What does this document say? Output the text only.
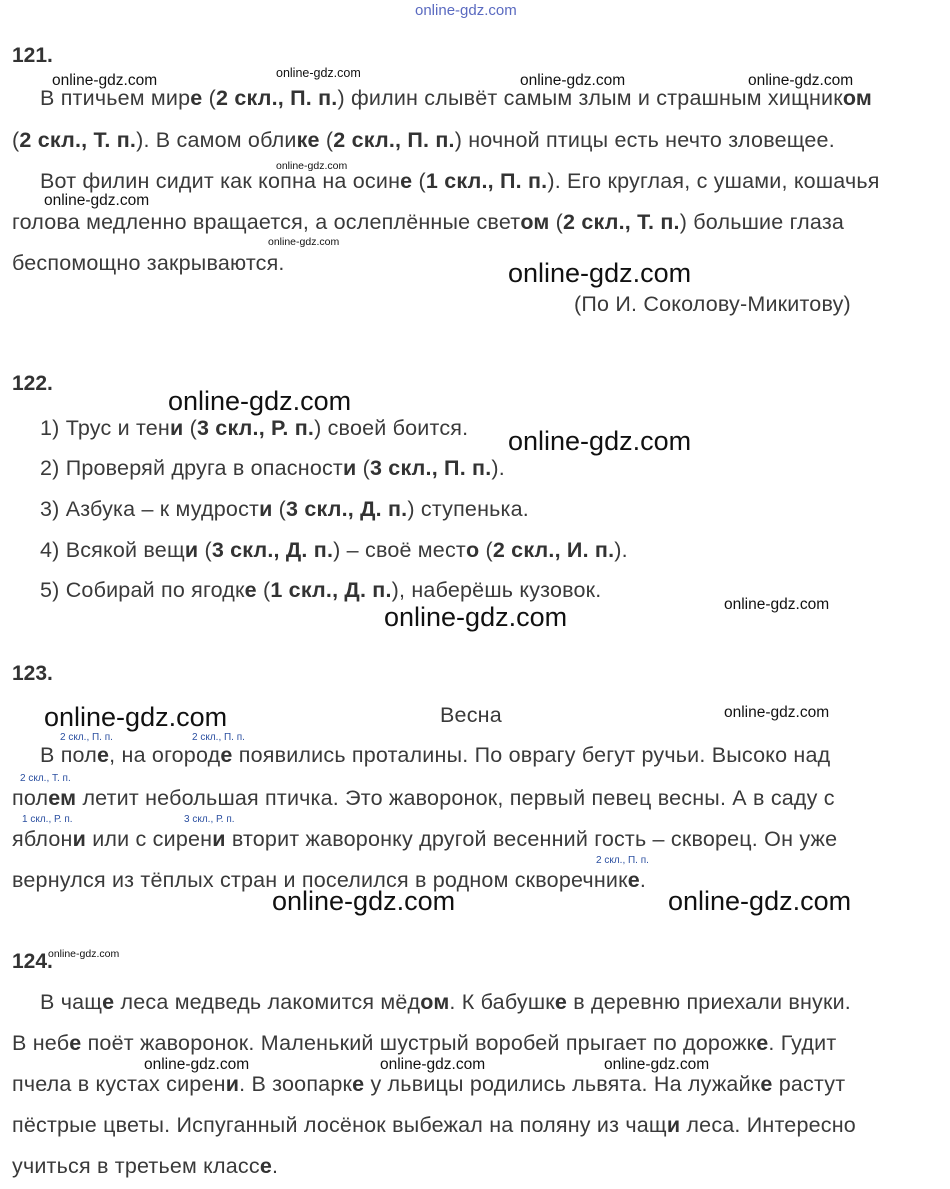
online-gdz.com
121.
online-gdz.com
online-gdz.com	online-gdz.com	online-gdz.com
В птичьем мире (2 скл., П. п.) филин слывёт самым злым и страшным хищником
(2 скл., Т. п.). В самом облике (2 скл., П. п.) ночной птицы есть нечто зловещее.
online-gdz.com
Вот филин сидит как копна на осине (1 скл., П. п.). Его круглая, с ушами, кошачья
online-gdz.com
голова медленно вращается, а ослеплённые светом (2 скл., Т. п.) большие глаза
online-gdz.com
беспомощно закрываются.	online-gdz.com
(По И. Соколову-Микитову)
122.
online-gdz.com
1) Трус и тени (3 скл., Р. п.) своей боится. online-gdz.com
2) Проверяй друга в опасности (3 скл., П. п.).
3) Азбука – к мудрости (3 скл., Д. п.) ступенька.
4) Всякой вещи (3 скл., Д. п.) – своё место (2 скл., И. п.).
5) Собирай по ягодке (1 скл., Д. п.), наберёшь кузовок.
online-gdz.com
online-gdz.com
123.
online-gdz.com	Весна	online-gdz.com
2 скл., П. п.	2 скл., П. п.
В поле, на огороде появились проталины. По оврагу бегут ручьи. Высоко над
2 скл., Т. п.
полем летит небольшая птичка. Это жаворонок, первый певец весны. А в саду с
1 скл., Р. п.	3 скл., Р. п.
яблони или с сирени вторит жаворонку другой весенний гость – скворец. Он уже
2 скл., П. п.
вернулся из тёплых стран и поселился в родном скворечнике.
online-gdz.com	online-gdz.com
124.
online-gdz.com
В чаще леса медведь лакомится мёдом. К бабушке в деревню приехали внуки.
В небе поёт жаворонок. Маленький шустрый воробей прыгает по дорожке. Гудит
online-gdz.com	online-gdz.com	online-gdz.com
пчела в кустах сирени. В зоопарке у львицы родились львята. На лужайке растут
пёстрые цветы. Испуганный лосёнок выбежал на поляну из чащи леса. Интересно
учиться в третьем классе.
